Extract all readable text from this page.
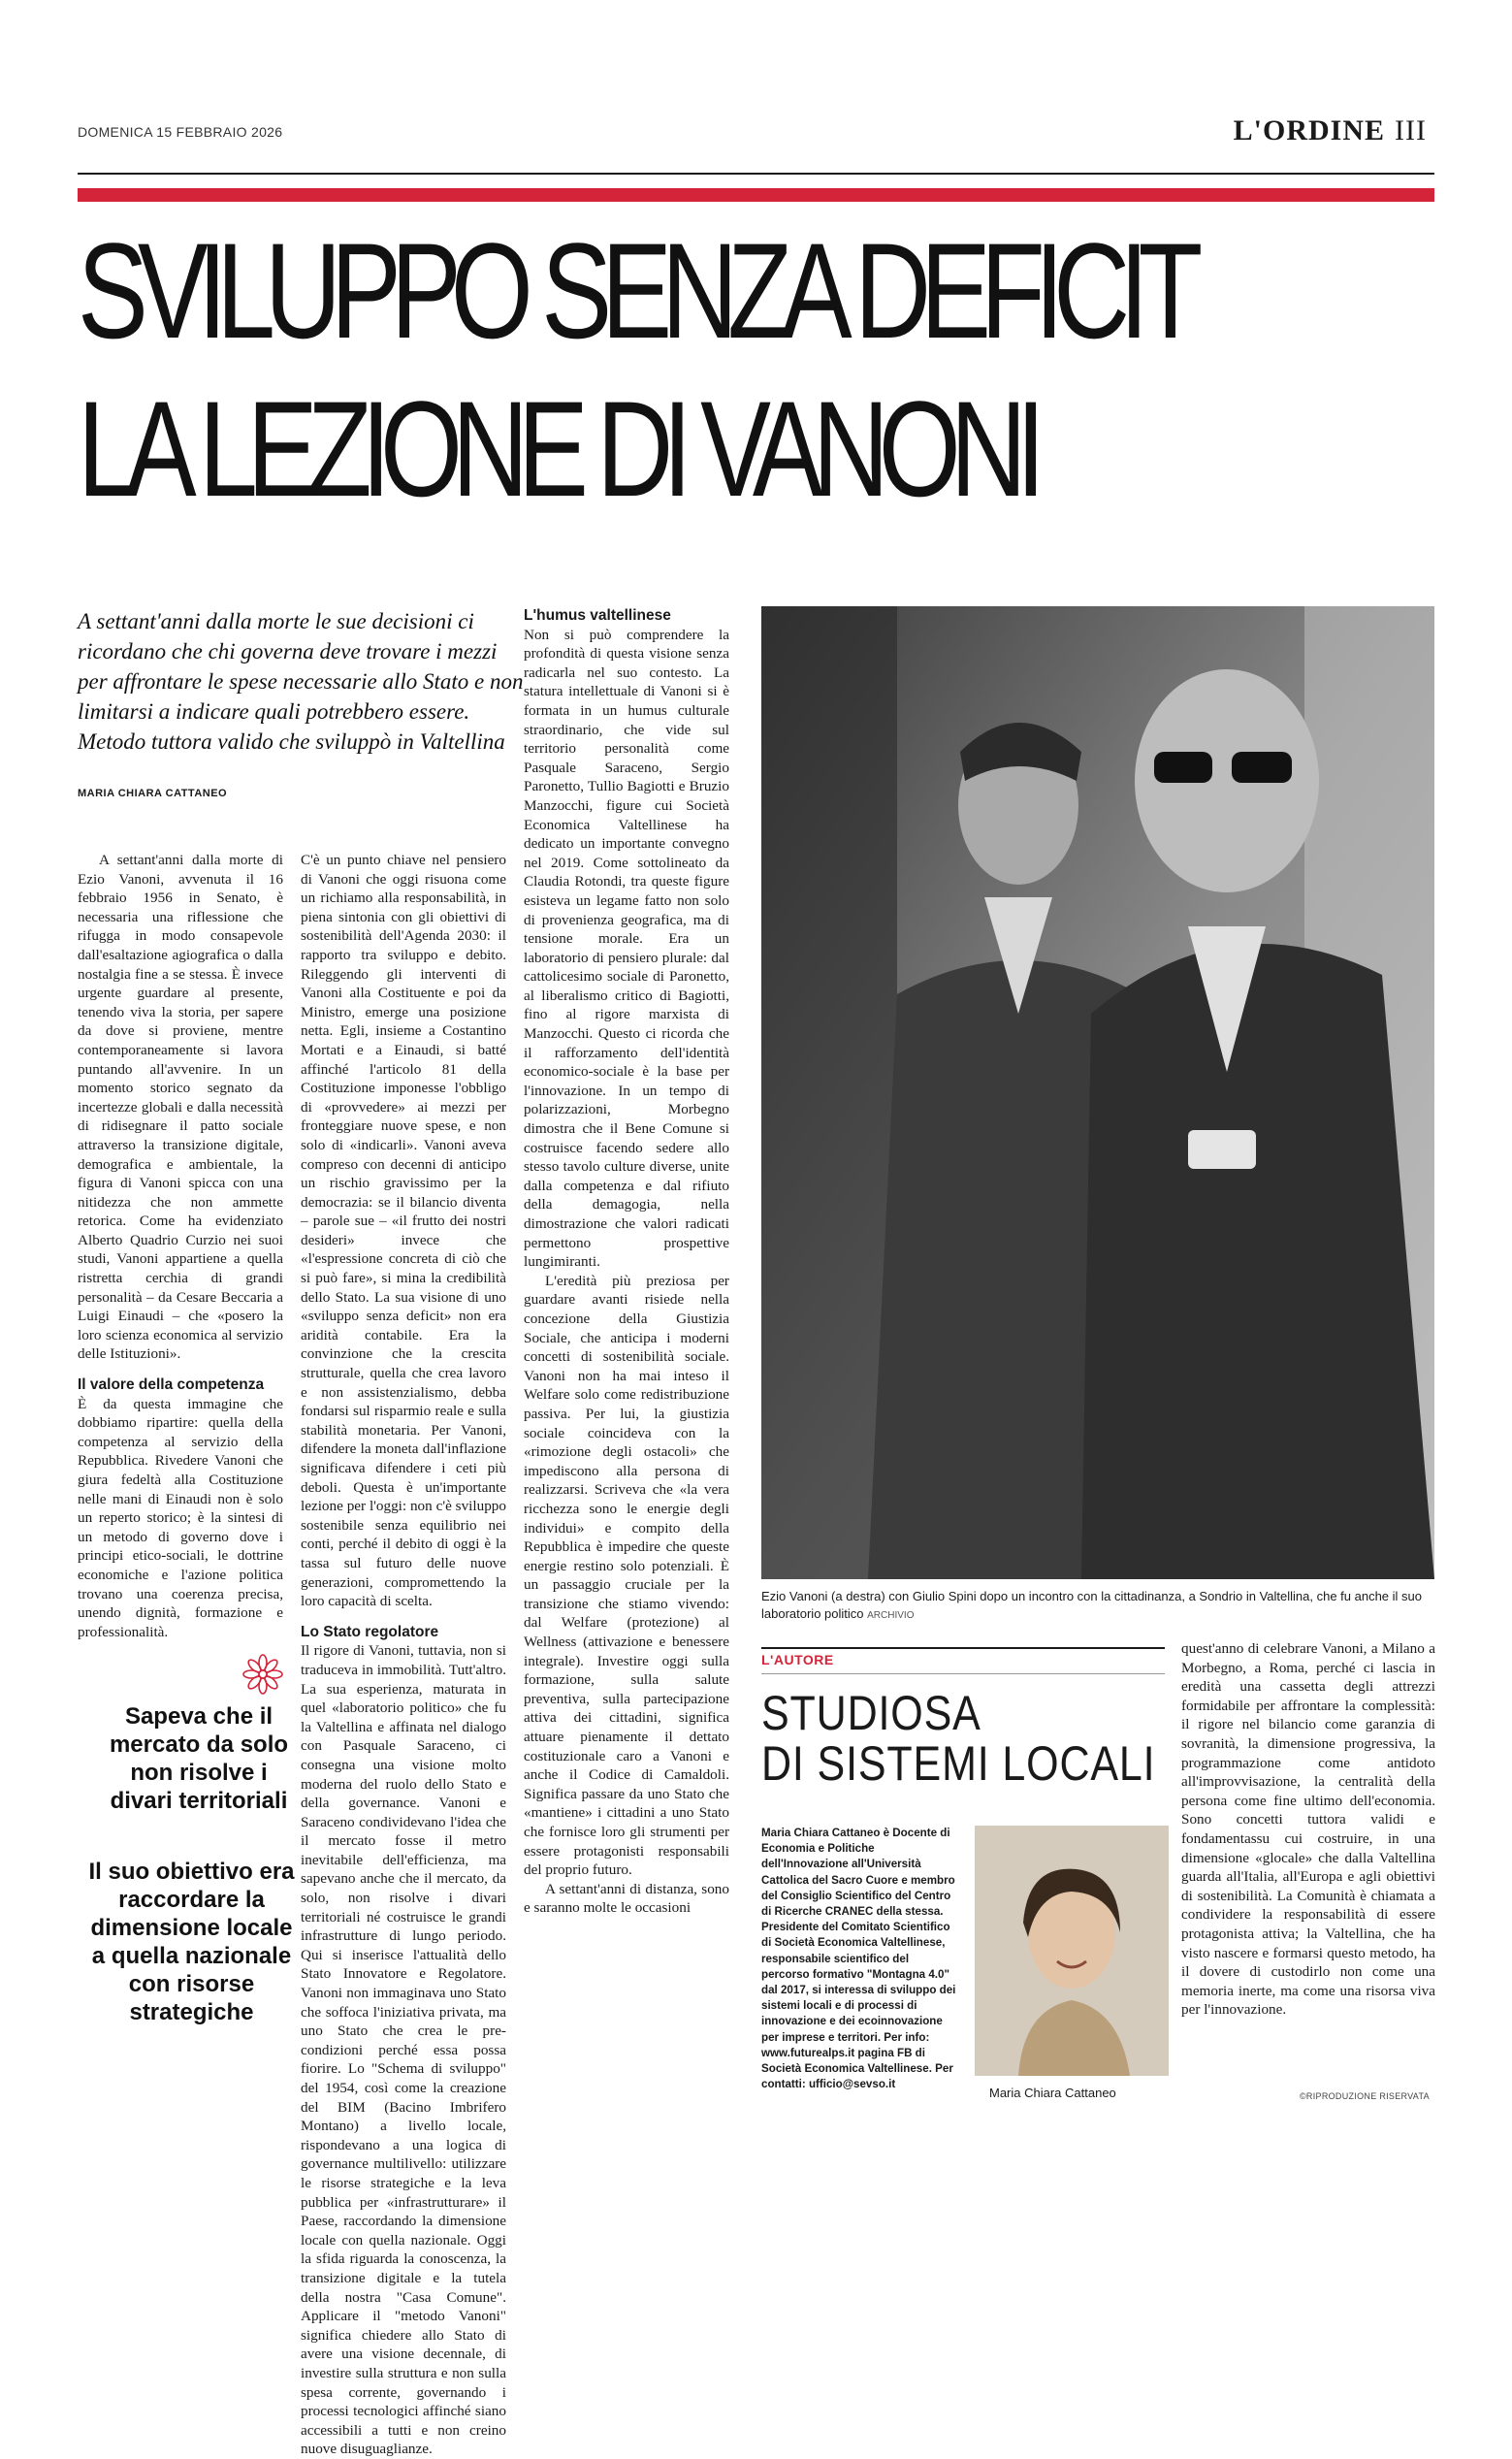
DOMENICA 15 FEBBRAIO 2026	L'ORDINE III
SVILUPPO SENZA DEFICIT
LA LEZIONE DI VANONI
A settant'anni dalla morte le sue decisioni ci ricordano che chi governa deve trovare i mezzi per affrontare le spese necessarie allo Stato e non limitarsi a indicare quali potrebbero essere. Metodo tuttora valido che sviluppò in Valtellina
MARIA CHIARA CATTANEO

A settant'anni dalla morte di Ezio Vanoni, avvenuta il 16 febbraio 1956 in Senato, è necessaria una riflessione che rifugga in modo consapevole dall'esaltazione agiografica o dalla nostalgia fine a se stessa. È invece urgente guardare al presente, tenendo viva la storia, per sapere da dove si proviene, mentre contemporaneamente si lavora puntando all'avvenire. In un momento storico segnato da incertezze globali e dalla necessità di ridisegnare il patto sociale attraverso la transizione digitale, demografica e ambientale, la figura di Vanoni spicca con una nitidezza che non ammette retorica. Come ha evidenziato Alberto Quadrio Curzio nei suoi studi, Vanoni appartiene a quella ristretta cerchia di grandi personalità – da Cesare Beccaria a Luigi Einaudi – che «posero la loro scienza economica al servizio delle Istituzioni».

Il valore della competenza

È da questa immagine che dobbiamo ripartire: quella della competenza al servizio della Repubblica. Rivedere Vanoni che giura fedeltà alla Costituzione nelle mani di Einaudi non è solo un reperto storico; è la sintesi di un metodo di governo dove i principi etico-sociali, le dottrine economiche e l'azione politica trovano una coerenza precisa, unendo dignità, formazione e professionalità.

Sapeva che il mercato da solo non risolve i divari territoriali
Il suo obiettivo era raccordare la dimensione locale a quella nazionale con risorse strategiche

C'è un punto chiave nel pensiero di Vanoni che oggi risuona come un richiamo alla responsabilità, in piena sintonia con gli obiettivi di sostenibilità dell'Agenda 2030: il rapporto tra sviluppo e debito. Rileggendo gli interventi di Vanoni alla Costituente e poi da Ministro, emerge una posizione netta. Egli, insieme a Costantino Mortati e a Einaudi, si batté affinché l'articolo 81 della Costituzione imponesse l'obbligo di «provvedere» ai mezzi per fronteggiare nuove spese, e non solo di «indicarli». Vanoni aveva compreso con decenni di anticipo un rischio gravissimo per la democrazia: se il bilancio diventa – parole sue – «il frutto dei nostri desideri» invece che «l'espressione concreta di ciò che si può fare», si mina la credibilità dello Stato. La sua visione di uno «sviluppo senza deficit» non era aridità contabile. Era la convinzione che la crescita strutturale, quella che crea lavoro e non assistenzialismo, debba fondarsi sul risparmio reale e sulla stabilità monetaria. Per Vanoni, difendere la moneta dall'inflazione significava difendere i ceti più deboli. Questa è un'importante lezione per l'oggi: non c'è sviluppo sostenibile senza equilibrio nei conti, perché il debito di oggi è la tassa sul futuro delle nuove generazioni, compromettendo la loro capacità di scelta.

Lo Stato regolatore

Il rigore di Vanoni, tuttavia, non si traduceva in immobilità. Tutt'altro. La sua esperienza, maturata in quel «laboratorio politico» che fu la Valtellina e affinata nel dialogo con Pasquale Saraceno, ci consegna una visione molto moderna del ruolo dello Stato e della governance. Vanoni e Saraceno condividevano l'idea che il mercato fosse il metro inevitabile dell'efficienza, ma sapevano anche che il mercato, da solo, non risolve i divari territoriali né costruisce le grandi infrastrutture di lungo periodo. Qui si inserisce l'attualità dello Stato Innovatore e Regolatore. Vanoni non immaginava uno Stato che soffoca l'iniziativa privata, ma uno Stato che crea le pre-condizioni perché essa possa fiorire. Lo "Schema di sviluppo" del 1954, così come la creazione del BIM (Bacino Imbrifero Montano) a livello locale, rispondevano a una logica di governance multilivello: utilizzare le risorse strategiche e la leva pubblica per «infrastrutturare» il Paese, raccordando la dimensione locale con quella nazionale. Oggi la sfida riguarda la conoscenza, la transizione digitale e la tutela della nostra "Casa Comune". Applicare il "metodo Vanoni" significa chiedere allo Stato di avere una visione decennale, di investire sulla struttura e non sulla spesa corrente, governando i processi tecnologici affinché siano accessibili a tutti e non creino nuove disuguaglianze.

L'humus valtellinese

Non si può comprendere la profondità di questa visione senza radicarla nel suo contesto. La statura intellettuale di Vanoni si è formata in un humus culturale straordinario, che vide sul territorio personalità come Pasquale Saraceno, Sergio Paronetto, Tullio Bagiotti e Bruzio Manzocchi, figure cui Società Economica Valtellinese ha dedicato un importante convegno nel 2019. Come sottolineato da Claudia Rotondi, tra queste figure esisteva un legame fatto non solo di provenienza geografica, ma di tensione morale. Era un laboratorio di pensiero plurale: dal cattolicesimo sociale di Paronetto, al liberalismo critico di Bagiotti, fino al rigore marxista di Manzocchi. Questo ci ricorda che il rafforzamento dell'identità economico-sociale è la base per l'innovazione. In un tempo di polarizzazioni, Morbegno dimostra che il Bene Comune si costruisce facendo sedere allo stesso tavolo culture diverse, unite dalla competenza e dal rifiuto della demagogia, nella dimostrazione che valori radicati permettono prospettive lungimiranti.

L'eredità più preziosa per guardare avanti risiede nella concezione della Giustizia Sociale, che anticipa i moderni concetti di sostenibilità sociale. Vanoni non ha mai inteso il Welfare solo come redistribuzione passiva. Per lui, la giustizia sociale coincideva con la «rimozione degli ostacoli» che impediscono alla persona di realizzarsi. Scriveva che «la vera ricchezza sono le energie degli individui» e compito della Repubblica è impedire che queste energie restino solo potenziali. È un passaggio cruciale per la transizione che stiamo vivendo: dal Welfare (protezione) al Wellness (attivazione e benessere integrale). Investire oggi sulla formazione, sulla salute preventiva, sulla partecipazione attiva dei cittadini, significa attuare pienamente il dettato costituzionale caro a Vanoni e anche il Codice di Camaldoli. Significa passare da uno Stato che «mantiene» i cittadini a uno Stato che fornisce loro gli strumenti per essere protagonisti responsabili del proprio futuro.

A settant'anni di distanza, sono e saranno molte le occasioni

Ezio Vanoni (a destra) con Giulio Spini dopo un incontro con la cittadinanza, a Sondrio in Valtellina, che fu anche il suo laboratorio politico ARCHIVIO
L'AUTORE
STUDIOSA
DI SISTEMI LOCALI
Maria Chiara Cattaneo è Docente di Economia e Politiche dell'Innovazione all'Università Cattolica del Sacro Cuore e membro del Consiglio Scientifico del Centro di Ricerche CRANEC della stessa. Presidente del Comitato Scientifico di Società Economica Valtellinese, responsabile scientifico del percorso formativo "Montagna 4.0" dal 2017, si interessa di sviluppo dei sistemi locali e di processi di innovazione e dei ecoinnovazione per imprese e territori. Per info: www.futurealps.it pagina FB di Società Economica Valtellinese. Per contatti: ufficio@sevso.it
Maria Chiara Cattaneo

quest'anno di celebrare Vanoni, a Milano a Morbegno, a Roma, perché ci lascia in eredità una cassetta degli attrezzi formidabile per affrontare la complessità: il rigore nel bilancio come garanzia di sovranità, la dimensione progressiva, la programmazione come antidoto all'improvvisazione, la centralità della persona come fine ultimo dell'economia. Sono concetti tuttora validi e fondamentassu cui costruire, in una dimensione «glocale» che dalla Valtellina guarda all'Italia, all'Europa e agli obiettivi di sostenibilità. La Comunità è chiamata a condividere la responsabilità di essere protagonista attiva; la Valtellina, che ha visto nascere e formarsi questo metodo, ha il dovere di custodirlo non come una memoria inerte, ma come una risorsa viva per l'innovazione.

©RIPRODUZIONE RISERVATA
